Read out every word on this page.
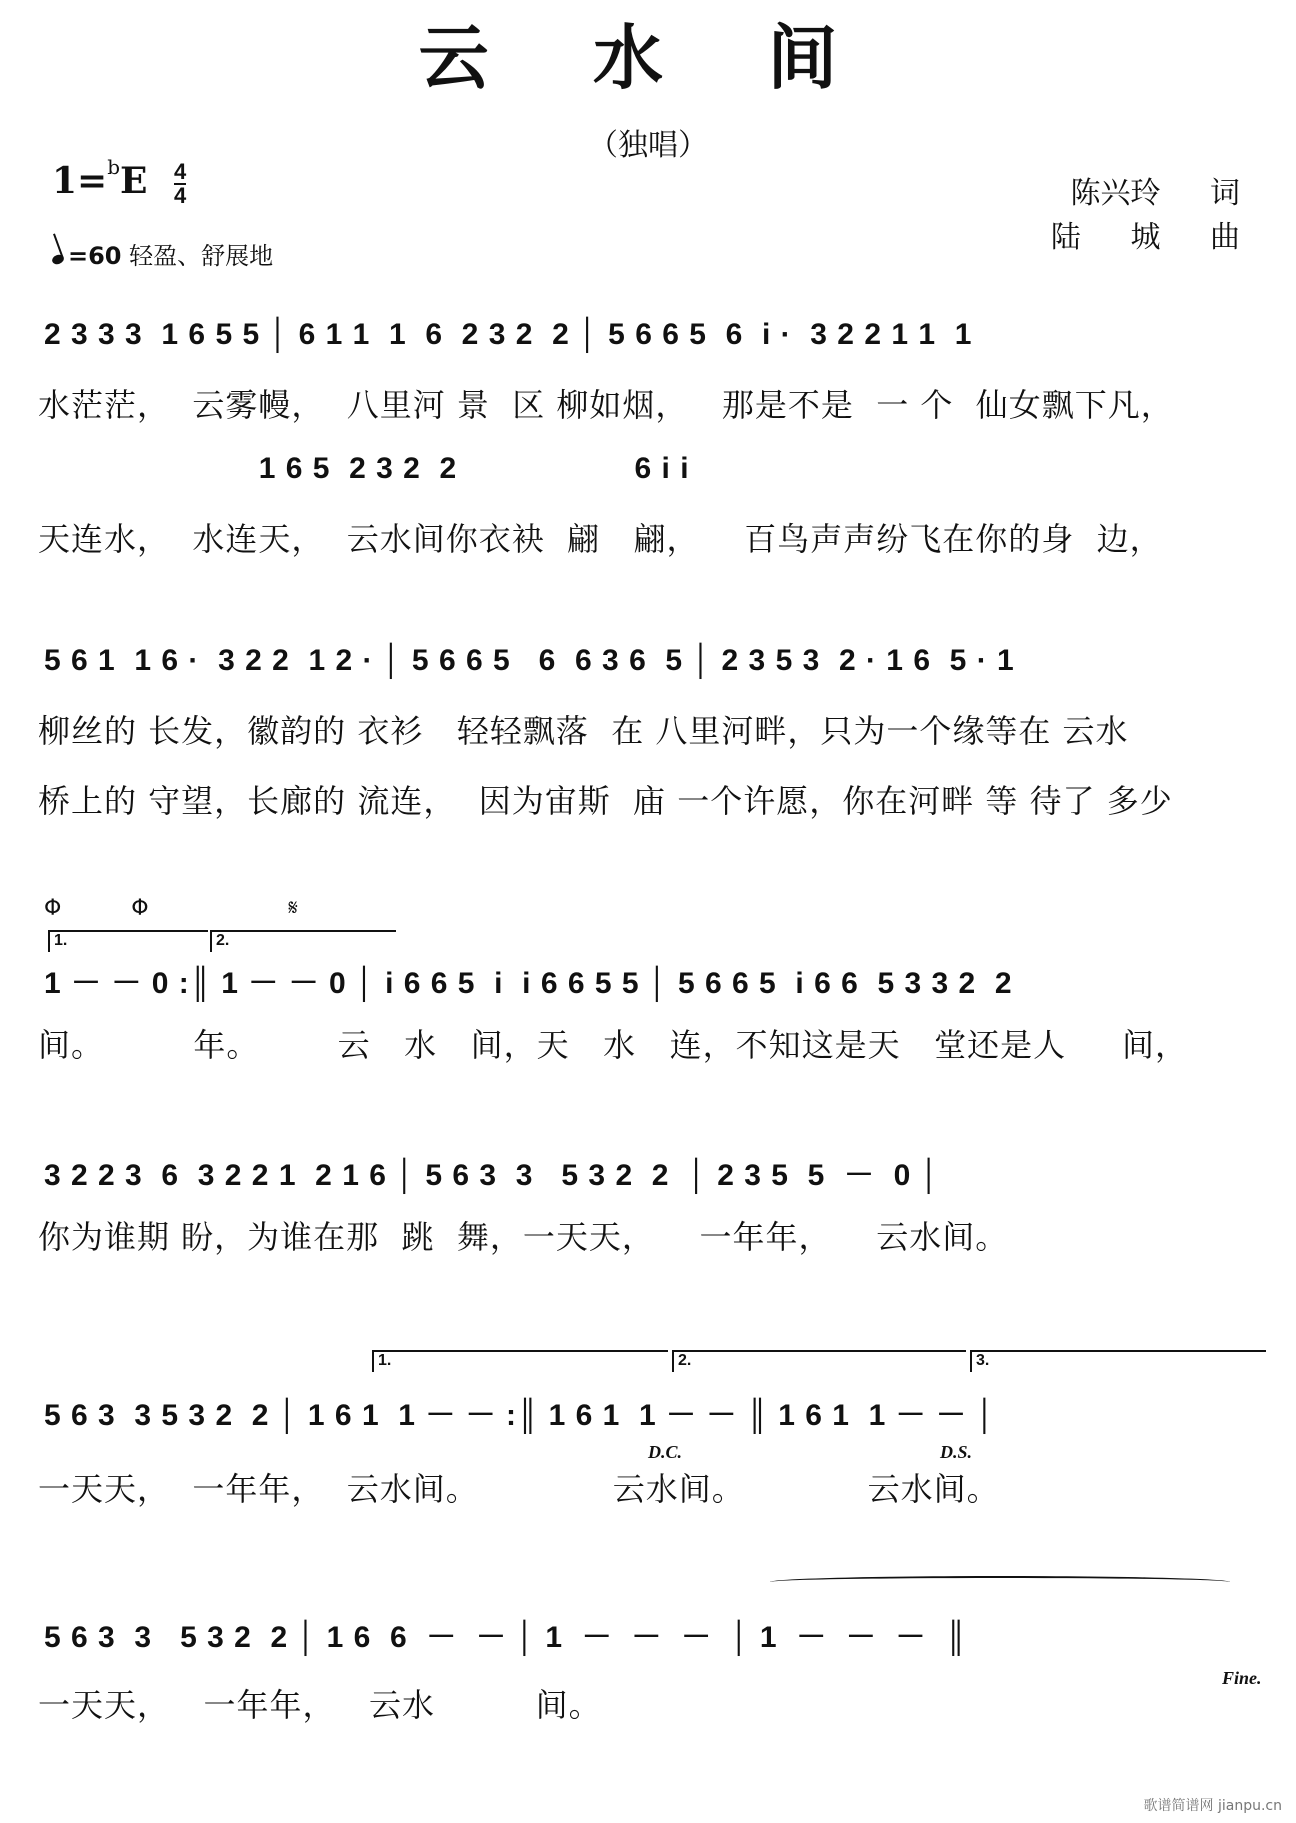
云 水 间
（独唱）
$1=^bE \frac{4}{4}$
=60 轻盈、舒展地
陈兴玲 词
陆 城 曲
2 3 3 3  1 6 5 5 │ 6 1 1  1  6  2 3 2  2 │ 5 6 6 5  6  i ·  3 2 2 1 1  1
水茫茫，  云雾幔，  八里河 景  区 柳如烟，   那是不是  一 个  仙女飘下凡，
1 6 5  2 3 2  2                   6 i i
天连水，  水连天，  云水间你衣袂  翩   翩，    百鸟声声纷飞在你的身  边，
5 6 1  1 6 ·  3 2 2  1 2 · │ 5 6 6 5   6  6 3 6  5 │ 2 3 5 3  2 · 1 6  5 · 1
柳丝的 长发，徽韵的 衣衫   轻轻飘落  在 八里河畔，只为一个缘等在 云水
桥上的 守望，长廊的 流连，  因为宙斯  庙 一个许愿，你在河畔 等 待了 多少
Φ          Φ                    𝄋
1.	2.
1 － － 0 :║ 1 － － 0 │ i 6 6 5  i  i 6 6 5 5 │ 5 6 6 5  i 6 6  5 3 3 2  2
间。        年。       云   水   间，天   水   连，不知这是天   堂还是人     间，
3 2 2 3  6  3 2 2 1  2 1 6 │ 5 6 3  3   5 3 2  2  │ 2 3 5  5  －  0 │
你为谁期 盼，为谁在那  跳  舞，一天天，    一年年，    云水间。
1.	2.	3.
5 6 3  3 5 3 2  2 │ 1 6 1  1 － － :║ 1 6 1  1 － － ║ 1 6 1  1 － － │
D.C.	D.S.
一天天，  一年年，  云水间。            云水间。           云水间。
5 6 3  3   5 3 2  2 │ 1 6  6  －  － │ 1  －  －  －  │ 1  －  －  －  ║
Fine.
一天天，   一年年，   云水         间。
歌谱简谱网 jianpu.cn
